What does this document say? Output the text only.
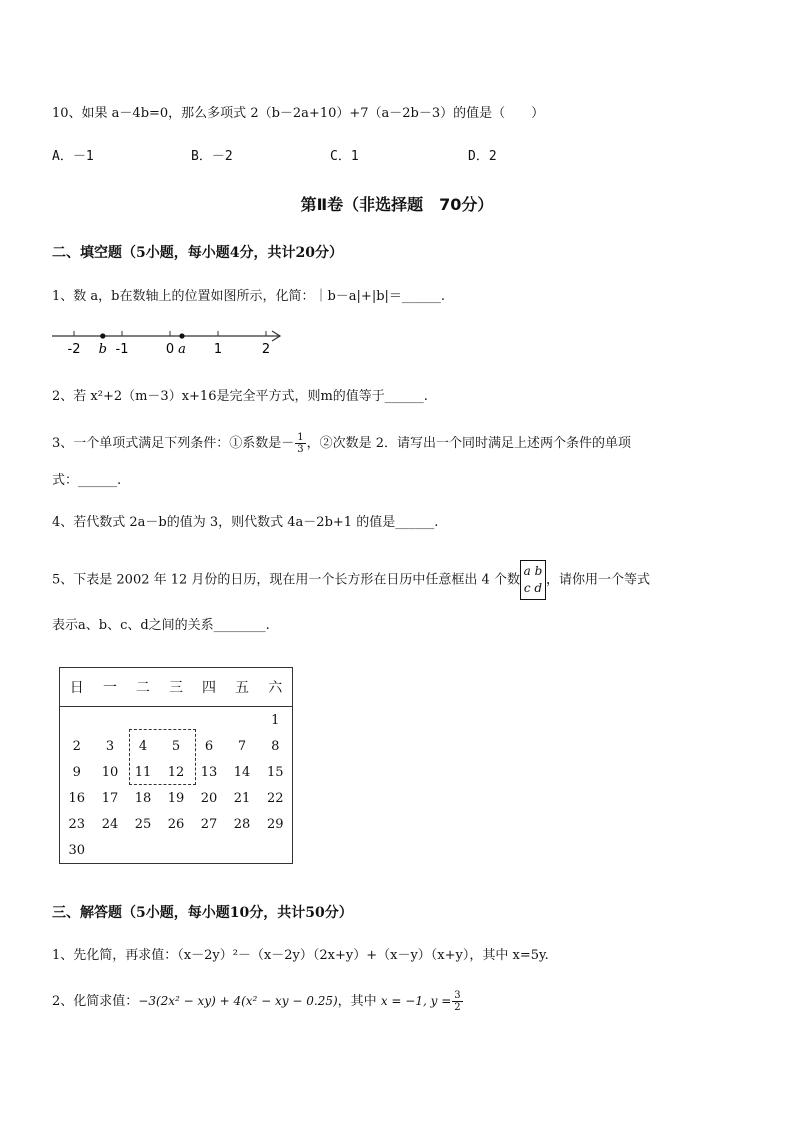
10、如果 a－4b=0，那么多项式 2（b－2a+10）+7（a－2b－3）的值是（　　）
A．－1	B．－2	C．1	D．2
第Ⅱ卷（非选择题　70分）
二、填空题（5小题，每小题4分，共计20分）
1、数 a，b在数轴上的位置如图所示，化简：｜b－a|+|b|＝______.
-2	-1	0	1	2
b	a
2、若 x²+2（m－3）x+16是完全平方式，则m的值等于______.
3、一个单项式满足下列条件：①系数是－ $\frac{1}{3}$ ，②次数是 2．请写出一个同时满足上述两个条件的单项
式：______.
4、若代数式 2a－b的值为 3，则代数式 4a－2b+1 的值是______.
5、下表是 2002 年 12 月份的日历，现在用一个长方形在日历中任意框出 4 个数
a b
c d
，请你用一个等式
表示a、b、c、d之间的关系________.
日	一	二	三	四	五	六
						1
2	3	4	5	6	7	8
9	10	11	12	13	14	15
16	17	18	19	20	21	22
23	24	25	26	27	28	29
30						
三、解答题（5小题，每小题10分，共计50分）
1、先化简，再求值：（x－2y）²－（x－2y）（2x+y）+（x－y）（x+y），其中 x=5y.
2、化简求值：−3(2x² − xy) + 4(x² − xy − 0.25)，其中 x = −1, $y = \frac{3}{2}$
